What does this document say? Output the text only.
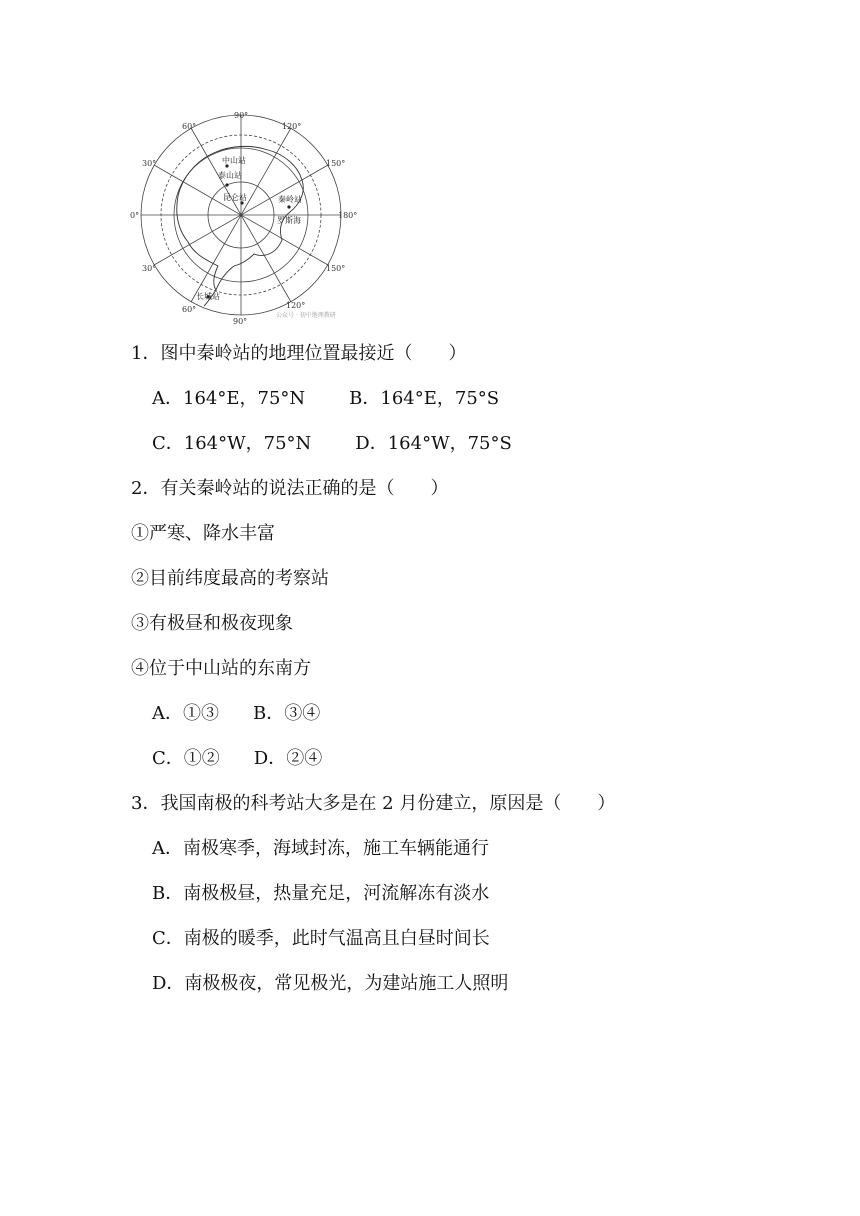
90°
60°	120°
30°	150°
0°	180°
30°	150°
60°	120°
90°
中山站
泰山站
昆仑站	秦岭站
罗斯海
长城站
公众号 · 初中地理教研
1．图中秦岭站的地理位置最接近（　　）
A．164°E，75°N B．164°E，75°S
C．164°W，75°N D．164°W，75°S
2．有关秦岭站的说法正确的是（　　）
①严寒、降水丰富
②目前纬度最高的考察站
③有极昼和极夜现象
④位于中山站的东南方
A．①③ B．③④
C．①② D．②④
3．我国南极的科考站大多是在 2 月份建立，原因是（　　）
A．南极寒季，海域封冻，施工车辆能通行
B．南极极昼，热量充足，河流解冻有淡水
C．南极的暖季，此时气温高且白昼时间长
D．南极极夜，常见极光，为建站施工人照明
